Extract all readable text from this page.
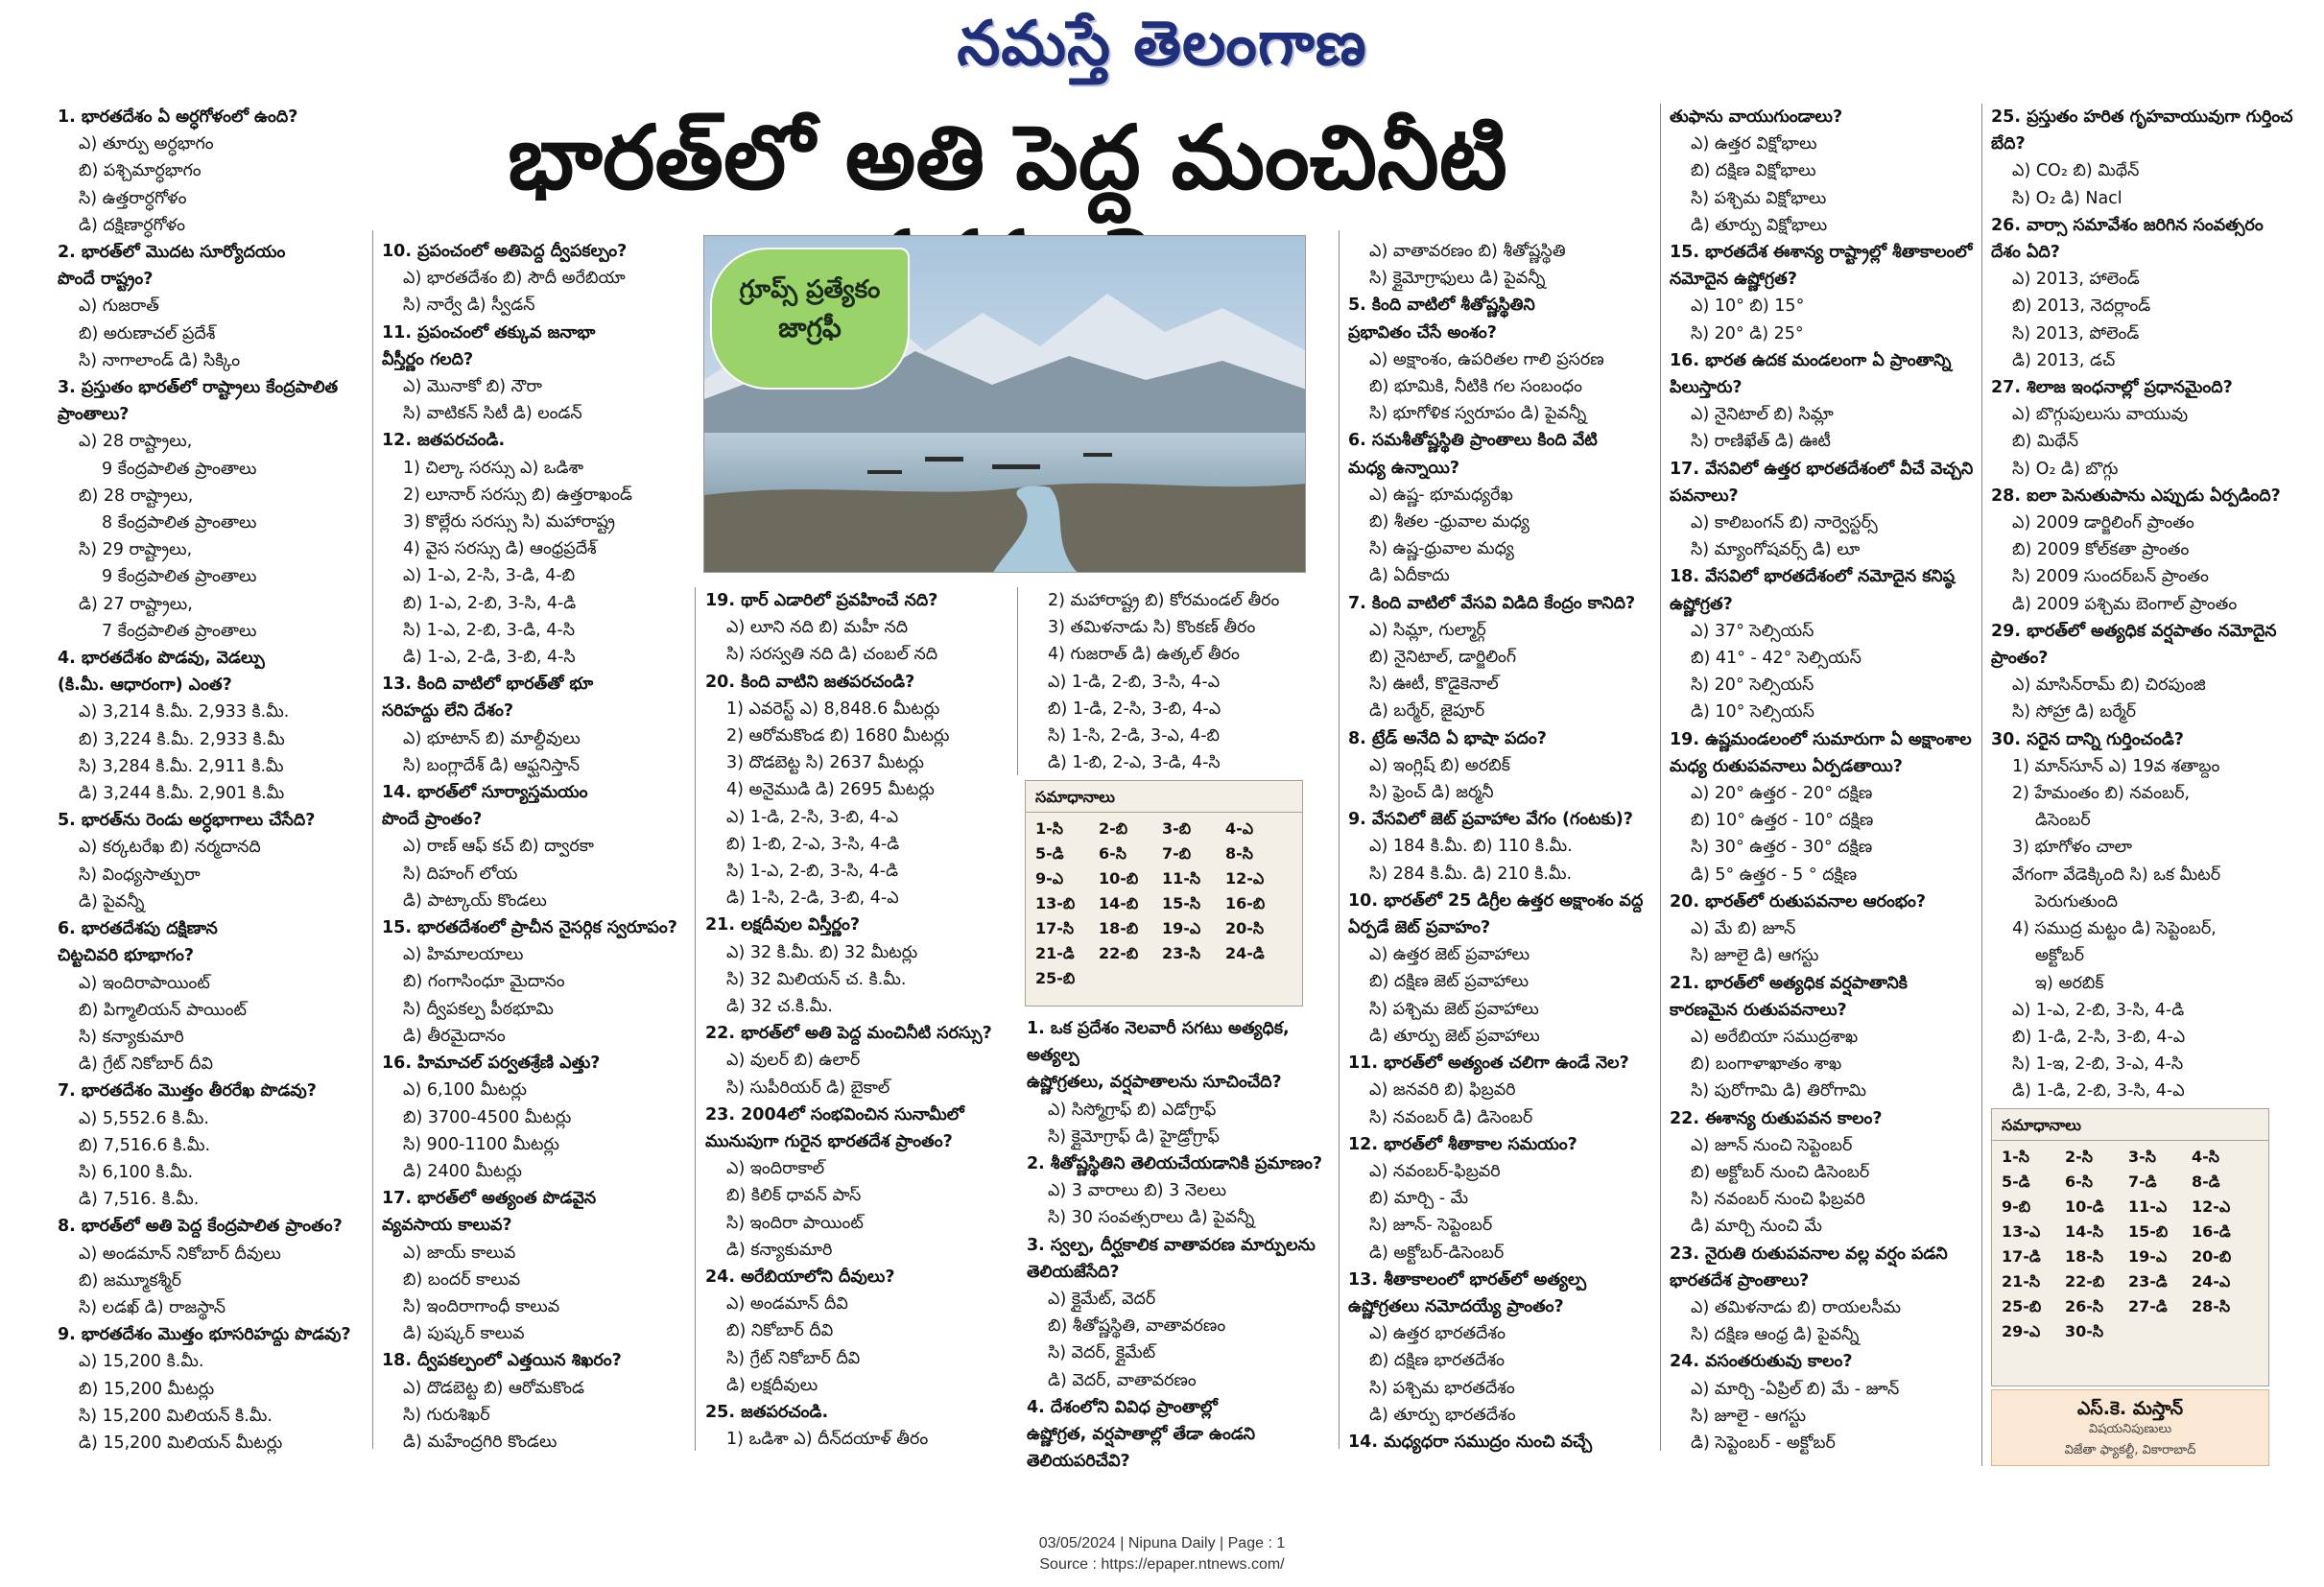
నమస్తే తెలంగాణ
భారత్‌లో అతి పెద్ద మంచినీటి
గ్రూప్స్ ప్రత్యేకం
జాగ్రఫీ
1. భారతదేశం ఏ అర్ధగోళంలో ఉంది?
ఎ) తూర్పు అర్ధభాగం
బి) పశ్చిమార్ధభాగం
సి) ఉత్తరార్ధగోళం
డి) దక్షిణార్ధగోళం
2. భారత్‌లో మొదట సూర్యోదయం
పొందే రాష్ట్రం?
ఎ) గుజరాత్
బి) అరుణాచల్ ప్రదేశ్
సి) నాగాలాండ్ డి) సిక్కిం
3. ప్రస్తుతం భారత్‌లో రాష్ట్రాలు కేంద్రపాలిత
ప్రాంతాలు?
ఎ) 28 రాష్ట్రాలు,
9 కేంద్రపాలిత ప్రాంతాలు
బి) 28 రాష్ట్రాలు,
8 కేంద్రపాలిత ప్రాంతాలు
సి) 29 రాష్ట్రాలు,
9 కేంద్రపాలిత ప్రాంతాలు
డి) 27 రాష్ట్రాలు,
7 కేంద్రపాలిత ప్రాంతాలు
4. భారతదేశం పొడవు, వెడల్పు
(కి.మీ. ఆధారంగా) ఎంత?
ఎ) 3,214 కి.మీ. 2,933 కి.మీ.
బి) 3,224 కి.మీ. 2,933 కి.మీ
సి) 3,284 కి.మీ. 2,911 కి.మీ
డి) 3,244 కి.మీ. 2,901 కి.మీ
5. భారత్‌ను రెండు అర్ధభాగాలు చేసేది?
ఎ) కర్కటరేఖ బి) నర్మదానది
సి) వింధ్యసాత్పురా
డి) పైవన్నీ
6. భారతదేశపు దక్షిణాన
చిట్టచివరి భూభాగం?
ఎ) ఇందిరాపాయింట్
బి) పిగ్మాలియన్ పాయింట్
సి) కన్యాకుమారి
డి) గ్రేట్ నికోబార్ దీవి
7. భారతదేశం మొత్తం తీరరేఖ పొడవు?
ఎ) 5,552.6 కి.మీ.
బి) 7,516.6 కి.మీ.
సి) 6,100 కి.మీ.
డి) 7,516. కి.మీ.
8. భారత్‌లో అతి పెద్ద కేంద్రపాలిత ప్రాంతం?
ఎ) అండమాన్ నికోబార్ దీవులు
బి) జమ్మూకశ్మీర్
సి) లడఖ్ డి) రాజస్థాన్
9. భారతదేశం మొత్తం భూసరిహద్దు పొడవు?
ఎ) 15,200 కి.మీ.
బి) 15,200 మీటర్లు
సి) 15,200 మిలియన్ కి.మీ.
డి) 15,200 మిలియన్ మీటర్లు
10. ప్రపంచంలో అతిపెద్ద ద్వీపకల్పం?
ఎ) భారతదేశం బి) సౌదీ అరేబియా
సి) నార్వే డి) స్వీడన్
11. ప్రపంచంలో తక్కువ జనాభా
వీస్తీర్ణం గలది?
ఎ) మొనాకో బి) నౌరా
సి) వాటికన్ సిటీ డి) లండన్
12. జతపరచండి.
1) చిల్కా సరస్సు ఎ) ఒడిశా
2) లూనార్ సరస్సు బి) ఉత్తరాఖండ్
3) కొల్లేరు సరస్సు సి) మహారాష్ట్ర
4) వైస సరస్సు డి) ఆంధ్రప్రదేశ్
ఎ) 1-ఎ, 2-సి, 3-డి, 4-బి
బి) 1-ఎ, 2-బి, 3-సి, 4-డి
సి) 1-ఎ, 2-బి, 3-డి, 4-సి
డి) 1-ఎ, 2-డి, 3-బి, 4-సి
13. కింది వాటిలో భారత్‌తో భూ
సరిహద్దు లేని దేశం?
ఎ) భూటాన్ బి) మాల్దీవులు
సి) బంగ్లాదేశ్ డి) ఆఫ్ఘనిస్తాన్
14. భారత్‌లో సూర్యాస్తమయం
పొందే ప్రాంతం?
ఎ) రాణ్ ఆఫ్ కచ్ బి) ద్వారకా
సి) దిహంగ్ లోయ
డి) పాట్కాయ్ కొండలు
15. భారతదేశంలో ప్రాచీన నైసర్గిక స్వరూపం?
ఎ) హిమాలయాలు
బి) గంగాసింధూ మైదానం
సి) ద్వీపకల్ప పీఠభూమి
డి) తీరమైదానం
16. హిమాచల్ పర్వతశ్రేణి ఎత్తు?
ఎ) 6,100 మీటర్లు
బి) 3700-4500 మీటర్లు
సి) 900-1100 మీటర్లు
డి) 2400 మీటర్లు
17. భారత్‌లో అత్యంత పొడవైన
వ్యవసాయ కాలువ?
ఎ) జాయ్ కాలువ
బి) బందర్ కాలువ
సి) ఇందిరాగాంధీ కాలువ
డి) పుష్కర్ కాలువ
18. ద్వీపకల్పంలో ఎత్తయిన శిఖరం?
ఎ) దొడబెట్ట బి) ఆరోమకొండ
సి) గురుశిఖర్
డి) మహేంద్రగిరి కొండలు
19. థార్ ఎడారిలో ప్రవహించే నది?
ఎ) లూని నది బి) మహీ నది
సి) సరస్వతి నది డి) చంబల్ నది
20. కింది వాటిని జతపరచండి?
1) ఎవరెస్ట్ ఎ) 8,848.6 మీటర్లు
2) ఆరోమకొండ బి) 1680 మీటర్లు
3) దొడబెట్ట సి) 2637 మీటర్లు
4) అనైముడి డి) 2695 మీటర్లు
ఎ) 1-డి, 2-సి, 3-బి, 4-ఎ
బి) 1-బి, 2-ఎ, 3-సి, 4-డి
సి) 1-ఎ, 2-బి, 3-సి, 4-డి
డి) 1-సి, 2-డి, 3-బి, 4-ఎ
21. లక్షదీవుల విస్తీర్ణం?
ఎ) 32 కి.మీ. బి) 32 మీటర్లు
సి) 32 మిలియన్ చ. కి.మీ.
డి) 32 చ.కి.మీ.
22. భారత్‌లో అతి పెద్ద మంచినీటి సరస్సు?
ఎ) వులర్ బి) ఉలార్
సి) సుపీరియర్ డి) బైకాల్
23. 2004లో సంభవించిన సునామీలో
మునుపుగా గురైన భారతదేశ ప్రాంతం?
ఎ) ఇందిరాకాల్
బి) కిలిక్ ధావన్ పాస్
సి) ఇందిరా పాయింట్
డి) కన్యాకుమారి
24. అరేబియాలోని దీవులు?
ఎ) అండమాన్ దీవి
బి) నికోబార్ దీవి
సి) గ్రేట్ నికోబార్ దీవి
డి) లక్షదీవులు
25. జతపరచండి.
1) ఒడిశా ఎ) దీన్‌దయాళ్ తీరం
2) మహారాష్ట్ర బి) కోరమండల్ తీరం
3) తమిళనాడు సి) కొంకణ్ తీరం
4) గుజరాత్ డి) ఉత్కల్ తీరం
ఎ) 1-డి, 2-బి, 3-సి, 4-ఎ
బి) 1-డి, 2-సి, 3-బి, 4-ఎ
సి) 1-సి, 2-డి, 3-ఎ, 4-బి
డి) 1-బి, 2-ఎ, 3-డి, 4-సి
1. ఒక ప్రదేశం నెలవారీ సగటు అత్యధిక, అత్యల్ప
ఉష్ణోగ్రతలు, వర్షపాతాలను సూచించేది?
ఎ) సిస్మోగ్రాఫ్ బి) ఎడోగ్రాఫ్
సి) క్లైమోగ్రాఫ్ డి) హైడ్రోగ్రాఫ్
2. శీతోష్ణస్థితిని తెలియచేయడానికి ప్రమాణం?
ఎ) 3 వారాలు బి) 3 నెలలు
సి) 30 సంవత్సరాలు డి) పైవన్నీ
3. స్వల్ప, దీర్ఘకాలిక వాతావరణ మార్పులను
తెలియజేసేది?
ఎ) క్లైమేట్, వెదర్
బి) శీతోష్ణస్థితి, వాతావరణం
సి) వెదర్, క్లైమేట్
డి) వెదర్, వాతావరణం
4. దేశంలోని వివిధ ప్రాంతాల్లో
ఉష్ణోగ్రత, వర్షపాతాల్లో తేడా ఉండని
తెలియపరిచేవి?
ఎ) వాతావరణం బి) శీతోష్ణస్థితి
సి) క్లైమోగ్రాఫులు డి) పైవన్నీ
5. కింది వాటిలో శీతోష్ణస్థితిని
ప్రభావితం చేసే అంశం?
ఎ) అక్షాంశం, ఉపరితల గాలి ప్రసరణ
బి) భూమికి, నీటికి గల సంబంధం
సి) భూగోళిక స్వరూపం డి) పైవన్నీ
6. సమశీతోష్ణస్థితి ప్రాంతాలు కింది వేటి
మధ్య ఉన్నాయి?
ఎ) ఉష్ణ- భూమధ్యరేఖ
బి) శీతల -ధ్రువాల మధ్య
సి) ఉష్ణ-ధ్రువాల మధ్య
డి) ఏదీకాదు
7. కింది వాటిలో వేసవి విడిది కేంద్రం కానిది?
ఎ) సిమ్లా, గుల్మార్గ్
బి) నైనిటాల్, డార్జిలింగ్
సి) ఊటీ, కొడైకెనాల్
డి) బర్మేర్, జైపూర్
8. ట్రేడ్ అనేది ఏ భాషా పదం?
ఎ) ఇంగ్లిష్ బి) అరబిక్
సి) ఫ్రెంచ్ డి) జర్మనీ
9. వేసవిలో జెట్ ప్రవాహాల వేగం (గంటకు)?
ఎ) 184 కి.మీ. బి) 110 కి.మీ.
సి) 284 కి.మీ. డి) 210 కి.మీ.
10. భారత్‌లో 25 డిగ్రీల ఉత్తర అక్షాంశం వద్ద
ఏర్పడే జెట్ ప్రవాహం?
ఎ) ఉత్తర జెట్ ప్రవాహాలు
బి) దక్షిణ జెట్ ప్రవాహాలు
సి) పశ్చిమ జెట్ ప్రవాహాలు
డి) తూర్పు జెట్ ప్రవాహాలు
11. భారత్‌లో అత్యంత చలిగా ఉండే నెల?
ఎ) జనవరి బి) ఫిబ్రవరి
సి) నవంబర్ డి) డిసెంబర్
12. భారత్‌లో శీతాకాల సమయం?
ఎ) నవంబర్-ఫిబ్రవరి
బి) మార్చి - మే
సి) జూన్- సెప్టెంబర్
డి) అక్టోబర్-డిసెంబర్
13. శీతాకాలంలో భారత్‌లో అత్యల్ప
ఉష్ణోగ్రతలు నమోదయ్యే ప్రాంతం?
ఎ) ఉత్తర భారతదేశం
బి) దక్షిణ భారతదేశం
సి) పశ్చిమ భారతదేశం
డి) తూర్పు భారతదేశం
14. మధ్యధరా సముద్రం నుంచి వచ్చే
తుఫాను వాయుగుండాలు?
ఎ) ఉత్తర విక్షోభాలు
బి) దక్షిణ విక్షోభాలు
సి) పశ్చిమ విక్షోభాలు
డి) తూర్పు విక్షోభాలు
15. భారతదేశ ఈశాన్య రాష్ట్రాల్లో శీతాకాలంలో
నమోదైన ఉష్ణోగ్రత?
ఎ) 10° బి) 15°
సి) 20° డి) 25°
16. భారత ఉదక మండలంగా ఏ ప్రాంతాన్ని
పిలుస్తారు?
ఎ) నైనిటాల్ బి) సిమ్లా
సి) రాణిఖేత్ డి) ఊటీ
17. వేసవిలో ఉత్తర భారతదేశంలో వీచే వెచ్చని
పవనాలు?
ఎ) కాలిబంగన్ బి) నార్వెస్టర్స్
సి) మ్యాంగోషవర్స్ డి) లూ
18. వేసవిలో భారతదేశంలో నమోదైన కనిష్ఠ
ఉష్ణోగ్రత?
ఎ) 37° సెల్సియస్
బి) 41° - 42° సెల్సియస్
సి) 20° సెల్సియస్
డి) 10° సెల్సియస్
19. ఉష్ణమండలంలో సుమారుగా ఏ అక్షాంశాల
మధ్య రుతుపవనాలు ఏర్పడతాయి?
ఎ) 20° ఉత్తర - 20° దక్షిణ
బి) 10° ఉత్తర - 10° దక్షిణ
సి) 30° ఉత్తర - 30° దక్షిణ
డి) 5° ఉత్తర - 5 ° దక్షిణ
20. భారత్‌లో రుతుపవనాల ఆరంభం?
ఎ) మే బి) జూన్
సి) జూలై డి) ఆగస్టు
21. భారత్‌లో అత్యధిక వర్షపాతానికి
కారణమైన రుతుపవనాలు?
ఎ) అరేబియా సముద్రశాఖ
బి) బంగాళాఖాతం శాఖ
సి) పురోగామి డి) తిరోగామి
22. ఈశాన్య రుతుపవన కాలం?
ఎ) జూన్ నుంచి సెప్టెంబర్
బి) అక్టోబర్ నుంచి డిసెంబర్
సి) నవంబర్ నుంచి ఫిబ్రవరి
డి) మార్చి నుంచి మే
23. నైరుతి రుతుపవనాల వల్ల వర్షం పడని
భారతదేశ ప్రాంతాలు?
ఎ) తమిళనాడు బి) రాయలసీమ
సి) దక్షిణ ఆంధ్ర డి) పైవన్నీ
24. వసంతరుతువు కాలం?
ఎ) మార్చి -ఏప్రిల్ బి) మే - జూన్
సి) జూలై - ఆగస్టు
డి) సెప్టెంబర్ - అక్టోబర్
25. ప్రస్తుతం హరిత గృహవాయువుగా గుర్తించ
బేది?
ఎ) CO₂ బి) మిథేన్
సి) O₂ డి) Nacl
26. వార్సా సమావేశం జరిగిన సంవత్సరం
దేశం ఏది?
ఎ) 2013, హాలెండ్
బి) 2013, నెదర్లాండ్
సి) 2013, పోలెండ్
డి) 2013, డచ్
27. శిలాజ ఇంధనాల్లో ప్రధానమైంది?
ఎ) బొగ్గుపులుసు వాయువు
బి) మిథేన్
సి) O₂ డి) బొగ్గు
28. ఐలా పెనుతుపాను ఎప్పుడు ఏర్పడింది?
ఎ) 2009 డార్జిలింగ్ ప్రాంతం
బి) 2009 కోల్‌కతా ప్రాంతం
సి) 2009 సుందర్‌బన్ ప్రాంతం
డి) 2009 పశ్చిమ బెంగాల్ ప్రాంతం
29. భారత్‌లో అత్యధిక వర్షపాతం నమోదైన
ప్రాంతం?
ఎ) మాసిన్‌రామ్ బి) చిరపుంజి
సి) సోహ్రా డి) బర్మేర్
30. సరైన దాన్ని గుర్తించండి?
1) మాన్‌సూన్ ఎ) 19వ శతాబ్దం
2) హేమంతం బి) నవంబర్,
డిసెంబర్
3) భూగోళం చాలా
వేగంగా వేడెక్కింది సి) ఒక మీటర్
పెరుగుతుంది
4) సముద్ర మట్టం డి) సెప్టెంబర్,
అక్టోబర్
ఇ) అరబిక్
ఎ) 1-ఎ, 2-బి, 3-సి, 4-డి
బి) 1-డి, 2-సి, 3-బి, 4-ఎ
సి) 1-ఇ, 2-బి, 3-ఎ, 4-సి
డి) 1-డి, 2-బి, 3-సి, 4-ఎ
సమాధానాలు
1-సి	2-బి	3-బి	4-ఎ
5-డి	6-సి	7-బి	8-సి
9-ఎ	10-బి	11-సి	12-ఎ
13-బి	14-బి	15-సి	16-బి
17-సి	18-బి	19-ఎ	20-సి
21-డి	22-బి	23-సి	24-డి
25-బి			
సమాధానాలు
1-సి	2-సి	3-సి	4-సి
5-డి	6-సి	7-డి	8-డి
9-బి	10-డి	11-ఎ	12-ఎ
13-ఎ	14-సి	15-బి	16-డి
17-డి	18-సి	19-ఎ	20-బి
21-సి	22-బి	23-డి	24-ఎ
25-బి	26-సి	27-డి	28-సి
29-ఎ	30-సి		
ఎస్.కె. మస్తాన్
విషయనిపుణులు
విజేతా ఫ్యాకల్టీ, వికారాబాద్
03/05/2024 | Nipuna Daily | Page : 1
Source : https://epaper.ntnews.com/
